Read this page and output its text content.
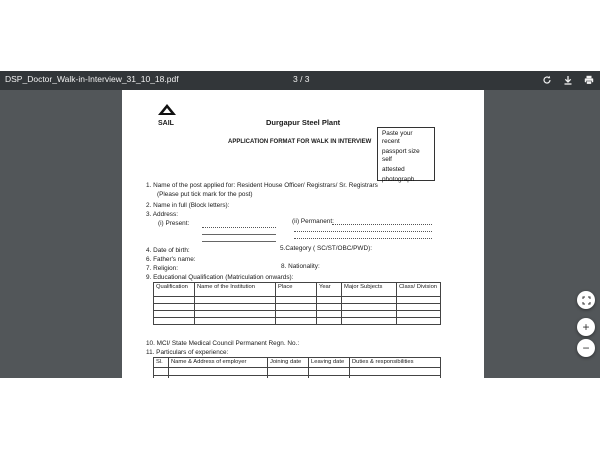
DSP_Doctor_Walk-in-Interview_31_10_18.pdf	3 / 3
SAIL	Durgapur Steel Plant
APPLICATION FORMAT FOR WALK IN INTERVIEW
Paste your recent
passport size self
attested
photograph
1. Name of the post applied for: Resident House Officer/ Registrars/ Sr. Registrars
(Please put tick mark for the post)
2. Name in full (Block letters):
3. Address:
(i) Present:	(ii) Permanent:
4. Date of birth:	5.Category ( SC/ST/OBC/PWD):
6. Father's name:
7. Religion:	8. Nationality:
9. Educational Qualification (Matriculation onwards):
Qualification	Name of the Institution	Place	Year	Major Subjects	Class/ Division

10. MCI/ State Medical Council Permanent Regn. No.:
11. Particulars of experience:
Sl.	Name & Address of employer	Joining date	Leaving date	Duties & responsibilities

+
−
